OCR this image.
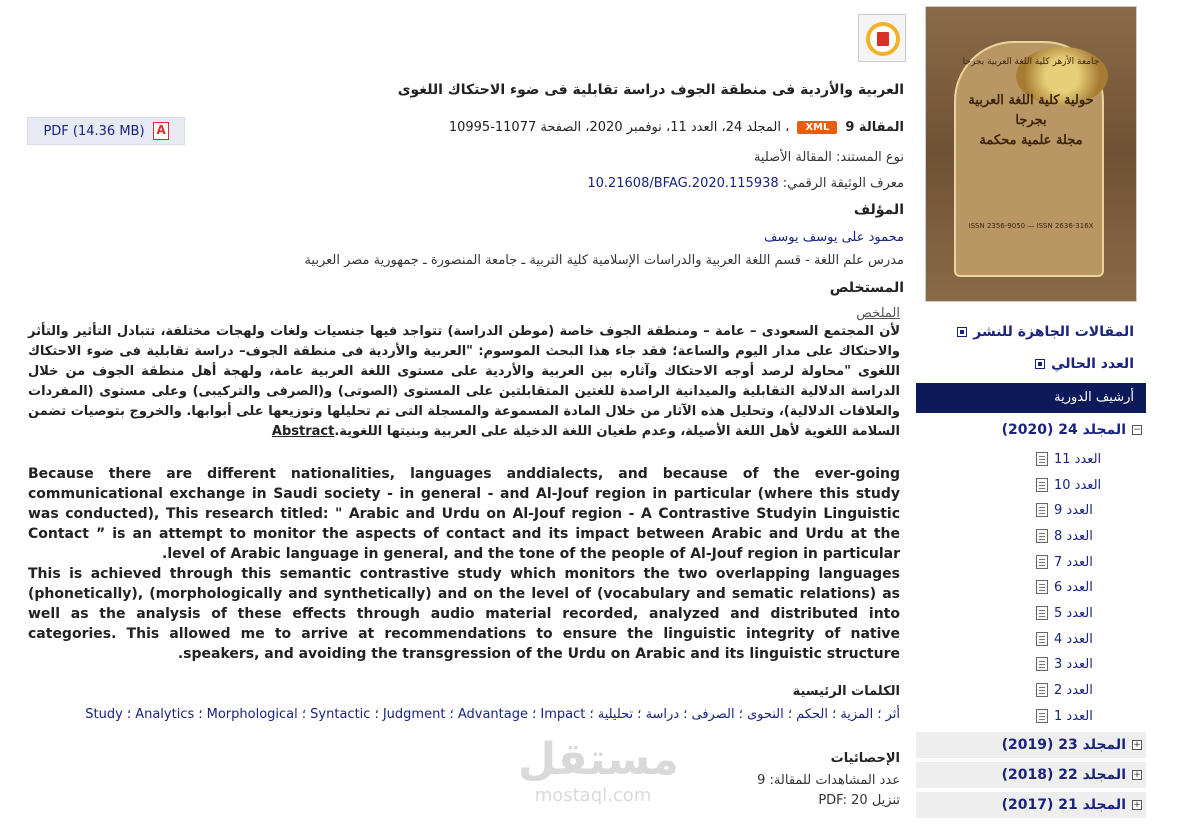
العربية والأردية فى منطقة الجوف دراسة تقابلية فى ضوء الاحتكاك اللغوى
PDF (14.36 MB)
A	، المجلد 24، العدد 11، نوفمبر 2020، الصفحة 11077-10995	XML	المقالة 9
نوع المستند: المقالة الأصلية
معرف الوثيقة الرقمي: 10.21608/BFAG.2020.115938
المؤلف
محمود على يوسف يوسف
مدرس علم اللغة - قسم اللغة العربية والدراسات الإسلامية كلية التربية ـ جامعة المنصورة ـ جمهورية مصر العربية
المستخلص
الملخص
لأن المجتمع السعودى – عامة – ومنطقة الجوف خاصة (موطن الدراسة) تتواجد فيها جنسيات ولغات ولهجات مختلفة، تتبادل التأثير والتأثر والاحتكاك على مدار اليوم والساعة؛ فقد جاء هذا البحث الموسوم: "العربية والأردية فى منطقة الجوف– دراسة تقابلية فى ضوء الاحتكاك اللغوى "محاولة لرصد أوجه الاحتكاك وآثاره بين العربية والأردية على مستوى اللغة العربية عامة، ولهجة أهل منطقة الجوف من خلال الدراسة الدلالية التقابلية والميدانية الراصدة للغتين المتقابلتين على المستوى (الصوتى) و(الصرفى والتركيبى) وعلى مستوى (المفردات والعلاقات الدلالية)، وتحليل هذه الآثار من خلال المادة المسموعة والمسجلة التى تم تحليلها وتوزيعها على أبوابها. والخروج بتوصيات تضمن السلامة اللغوية لأهل اللغة الأصيلة، وعدم طغيان اللغة الدخيلة على العربية وبنيتها اللغوية.Abstract

Because there are different nationalities, languages anddialects, and because of the ever-going communicational exchange in Saudi society - in general - and Al-Jouf region in particular (where this study was conducted), This research titled: " Arabic and Urdu on Al-Jouf region - A Contrastive Studyin Linguistic Contact ” is an attempt to monitor the aspects of contact and its impact between Arabic and Urdu at the level of Arabic language in general, and the tone of the people of Al-Jouf region in particular.

This is achieved through this semantic contrastive study which monitors the two overlapping languages (phonetically), (morphologically and synthetically) and on the level of (vocabulary and sematic relations) as well as the analysis of these effects through audio material recorded, analyzed and distributed into categories. This allowed me to arrive at recommendations to ensure the linguistic integrity of native speakers, and avoiding the transgression of the Urdu on Arabic and its linguistic structure.

الكلمات الرئيسية
أثر ؛ المزية ؛ الحكم ؛ النحوى ؛ الصرفى ؛ دراسة ؛ تحليلية ؛ Impact ؛ Advantage ؛ Judgment ؛ Syntactic ؛ Morphological ؛ Analytics ؛ Study
الإحصائيات
عدد المشاهدات للمقالة: 9
تنزيل PDF: 20
مستقل
mostaql.com
جامعة الأزهر كلية اللغة العربية بجرجا
حولية كلية اللغة العربية بجرجا
مجلة علمية محكمة
ISSN 2356-9050 — ISSN 2636-316X
المقالات الجاهزة للنشر
العدد الحالي
أرشيف الدورية
المجلد 24 (2020) −
العدد 11
العدد 10
العدد 9
العدد 8
العدد 7
العدد 6
العدد 5
العدد 4
العدد 3
العدد 2
العدد 1
المجلد 23 (2019) +
المجلد 22 (2018) +
المجلد 21 (2017) +
